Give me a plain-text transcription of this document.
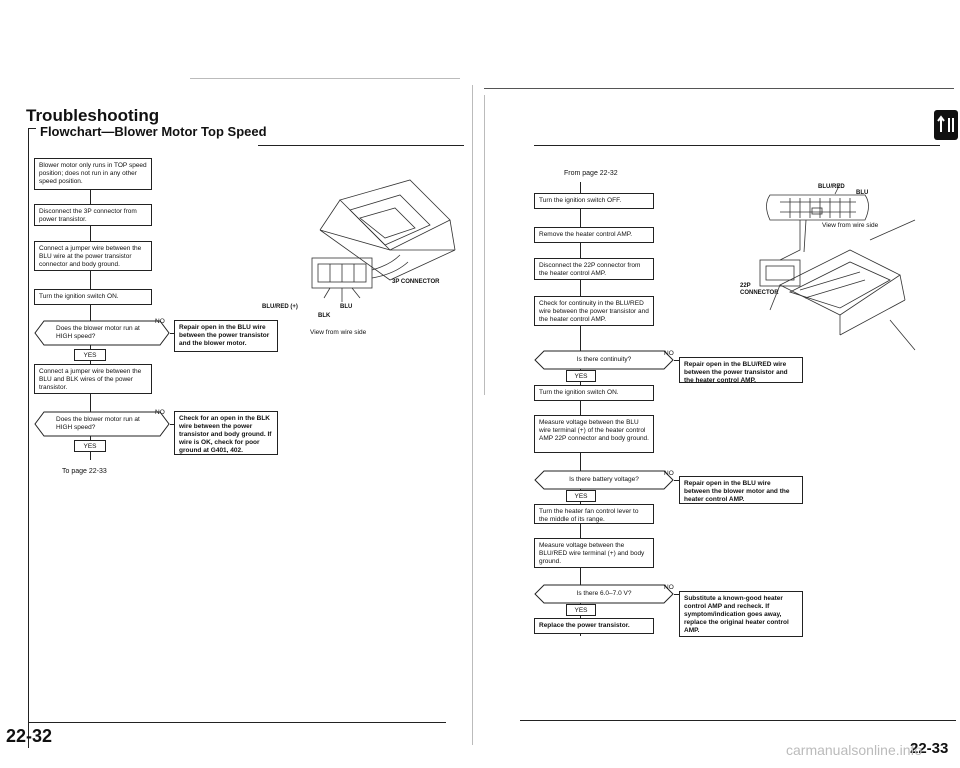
Troubleshooting
Flowchart—Blower Motor Top Speed
Blower motor only runs in TOP speed position; does not run in any other speed position.
Disconnect the 3P connector from power transistor.
Connect a jumper wire between the BLU wire at the power transistor connector and body ground.
Turn the ignition switch ON.
Does the blower motor run at HIGH speed?
NO
Repair open in the BLU wire between the power transistor and the blower motor.
YES
Connect a jumper wire between the BLU and BLK wires of the power transistor.
Does the blower motor run at HIGH speed?
NO
Check for an open in the BLK wire between the power transistor and body ground. If wire is OK, check for poor ground at G401, 402.
YES
To page 22-33
3P CONNECTOR
BLU/RED (+)	BLU
BLK
View from wire side
22-32
From page 22-32
Turn the ignition switch OFF.
Remove the heater control AMP.
Disconnect the 22P connector from the heater control AMP.
Check for continuity in the BLU/RED wire between the power transistor and the heater control AMP.
Is there continuity?
NO
Repair open in the BLU/RED wire between the power transistor and the heater control AMP.
YES
Turn the ignition switch ON.
Measure voltage between the BLU wire terminal (+) of the heater control AMP 22P connector and body ground.
Is there battery voltage?
NO
Repair open in the BLU wire between the blower motor and the heater control AMP.
YES
Turn the heater fan control lever to the middle of its range.
Measure voltage between the BLU/RED wire terminal (+) and body ground.
Is there 6.0–7.0 V?
NO
Substitute a known-good heater control AMP and recheck. If symptom/indication goes away, replace the original heater control AMP.
YES
Replace the power transistor.
BLU/RED
BLU
View from wire side
22P
CONNECTOR
22-33
carmanualsonline.info
